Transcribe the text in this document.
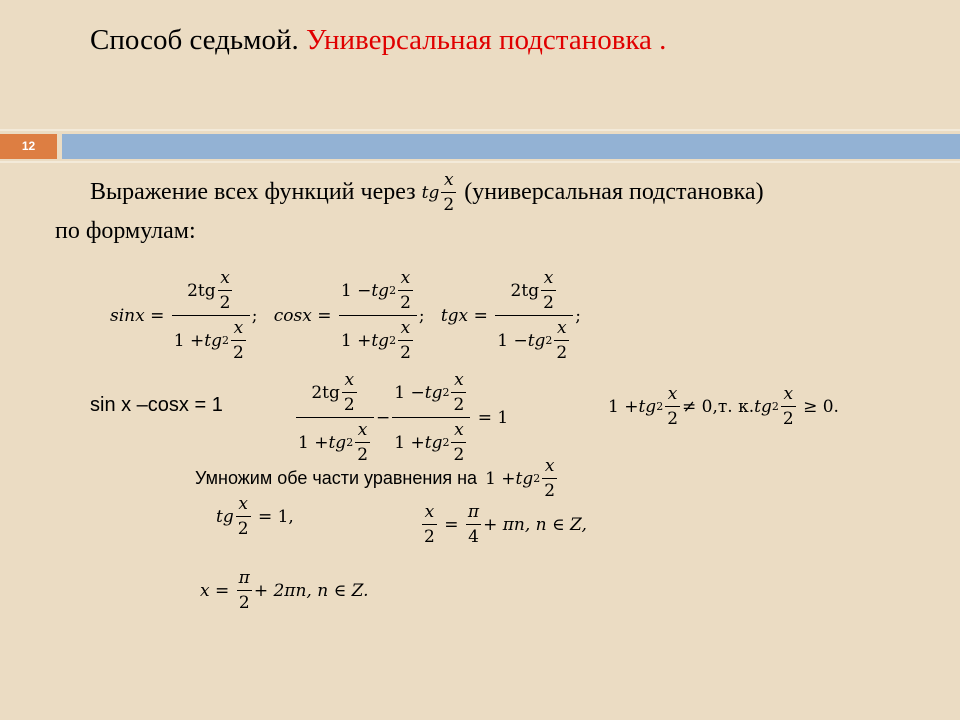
Способ седьмой. Универсальная подстановка .
12
Выражение всех функций через
tg $\frac{x}{2}$
(универсальная подстановка)
по формулам:
sinx
=
$\frac{2tg \frac{x}{2}}{1 + tg 2 \frac{x}{2}}$ ;
cosx
=
$\frac{1 - tg 2 \frac{x}{2}}{1 + tg 2 \frac{x}{2}}$ ;
tgx
=
$\frac{2tg \frac{x}{2}}{1 - tg 2 \frac{x}{2}}$ ;
sin x –cosx = 1	$\frac{2tg \frac{x}{2}}{1 + tg 2 \frac{x}{2}} - \frac{1 - tg 2 \frac{x}{2}}{1 + tg 2 \frac{x}{2}}$
= 1
1 + tg $2 \frac{x}{2} \ne 0$, т. к. tg $2 \frac{x}{2}$
≥ 0.
Умножим обе части уравнения на
1 + tg $2 \frac{x}{2}$
tg $\frac{x}{2}$
= 1,	$\frac{x}{2}$
=
$\frac{\pi}{4} + \pi n$, n ∈ Z,
x
=
$\frac{\pi}{2} + 2\pi n$, n ∈ Z.
